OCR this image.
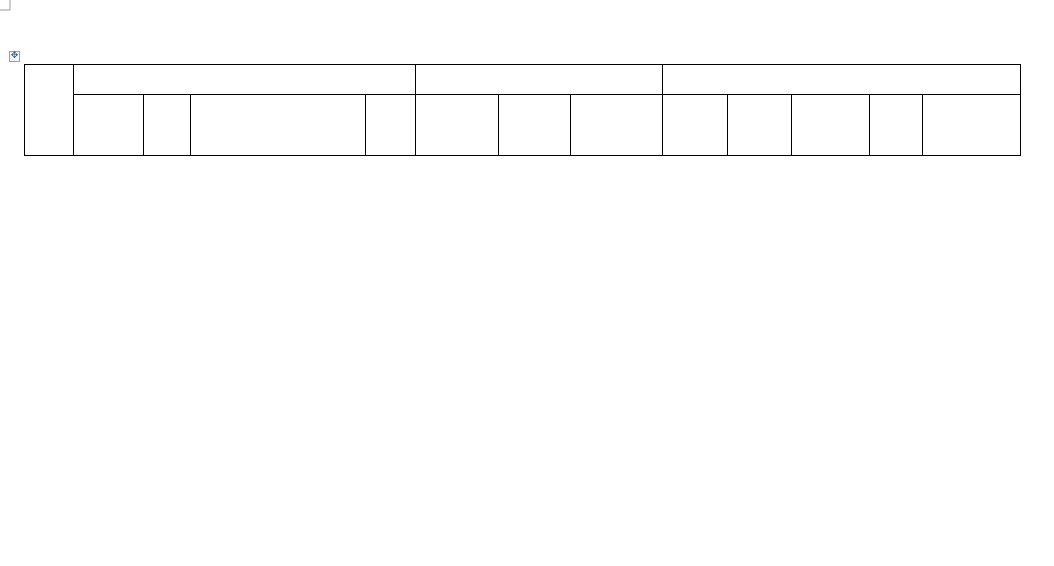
✥
